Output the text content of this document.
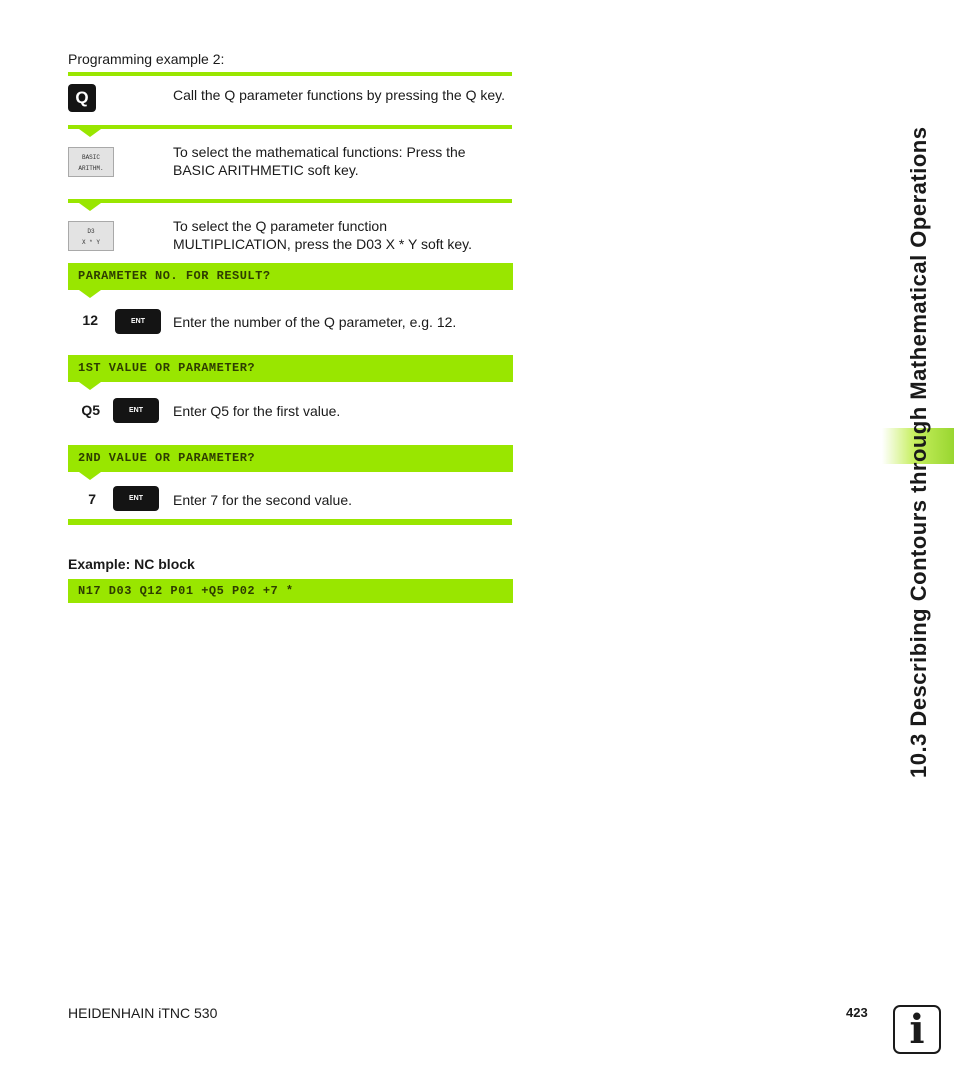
Programming example 2:
Q	Call the Q parameter functions by pressing the Q key.
BASIC
ARITHM.
To select the mathematical functions: Press the
BASIC ARITHMETIC soft key.
D3
X * Y
To select the Q parameter function
MULTIPLICATION, press the D03 X * Y soft key.
PARAMETER NO. FOR RESULT?
12	ENT	Enter the number of the Q parameter, e.g. 12.
1ST VALUE OR PARAMETER?
Q5	ENT	Enter Q5 for the first value.
2ND VALUE OR PARAMETER?
7	ENT	Enter 7 for the second value.
Example: NC block
N17 D03 Q12 P01 +Q5 P02 +7 *	10.3 Describing Contours through Mathematical Operations
HEIDENHAIN iTNC 530	423	i
